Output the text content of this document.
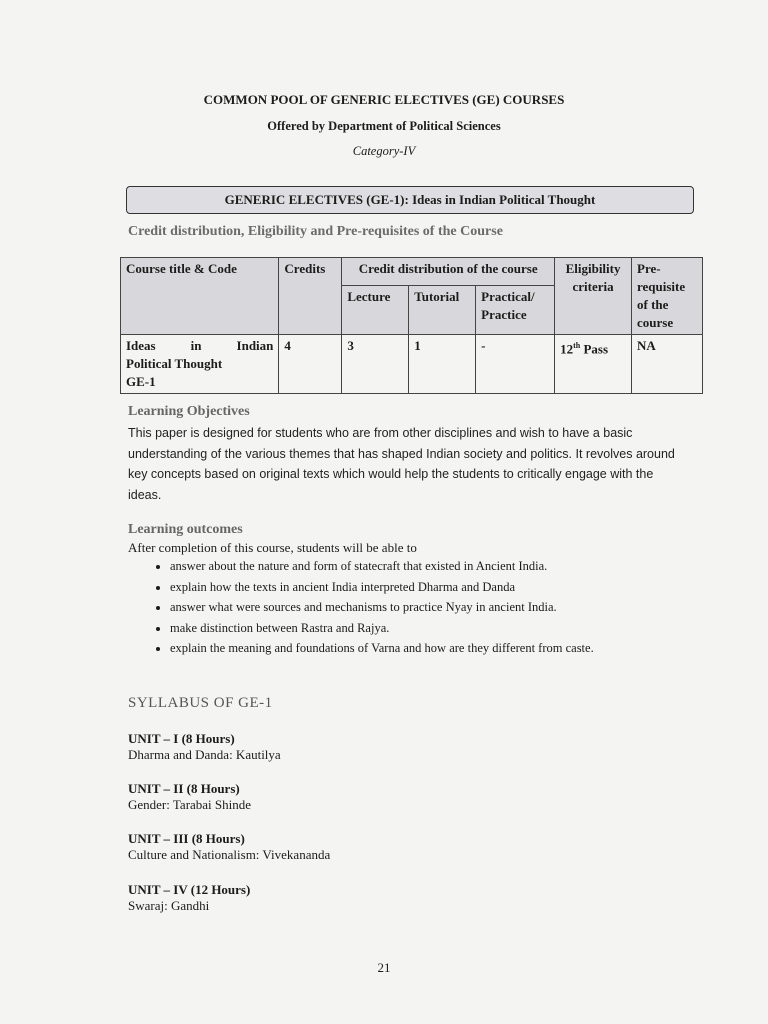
COMMON POOL OF GENERIC ELECTIVES (GE) COURSES
Offered by Department of Political Sciences
Category-IV
GENERIC ELECTIVES (GE-1): Ideas in Indian Political Thought
Credit distribution, Eligibility and Pre-requisites of the Course
Course title & Code	Credits	Credit distribution of the course			Eligibility criteria	Pre-requisite of the course
		Lecture	Tutorial	Practical/ Practice		

Ideas in Indian
Political Thought
GE-1	4	3	1	-	12th Pass	NA
Learning Objectives
This paper is designed for students who are from other disciplines and wish to have a basic understanding of the various themes that has shaped Indian society and politics. It revolves around key concepts based on original texts which would help the students to critically engage with the ideas.
Learning outcomes
After completion of this course, students will be able to
• answer about the nature and form of statecraft that existed in Ancient India.
• explain how the texts in ancient India interpreted Dharma and Danda
• answer what were sources and mechanisms to practice Nyay in ancient India.
• make distinction between Rastra and Rajya.
• explain the meaning and foundations of Varna and how are they different from caste.
SYLLABUS OF GE-1
UNIT – I (8 Hours)
Dharma and Danda: Kautilya
UNIT – II (8 Hours)
Gender: Tarabai Shinde
UNIT – III (8 Hours)
Culture and Nationalism: Vivekananda
UNIT – IV (12 Hours)
Swaraj: Gandhi
21
